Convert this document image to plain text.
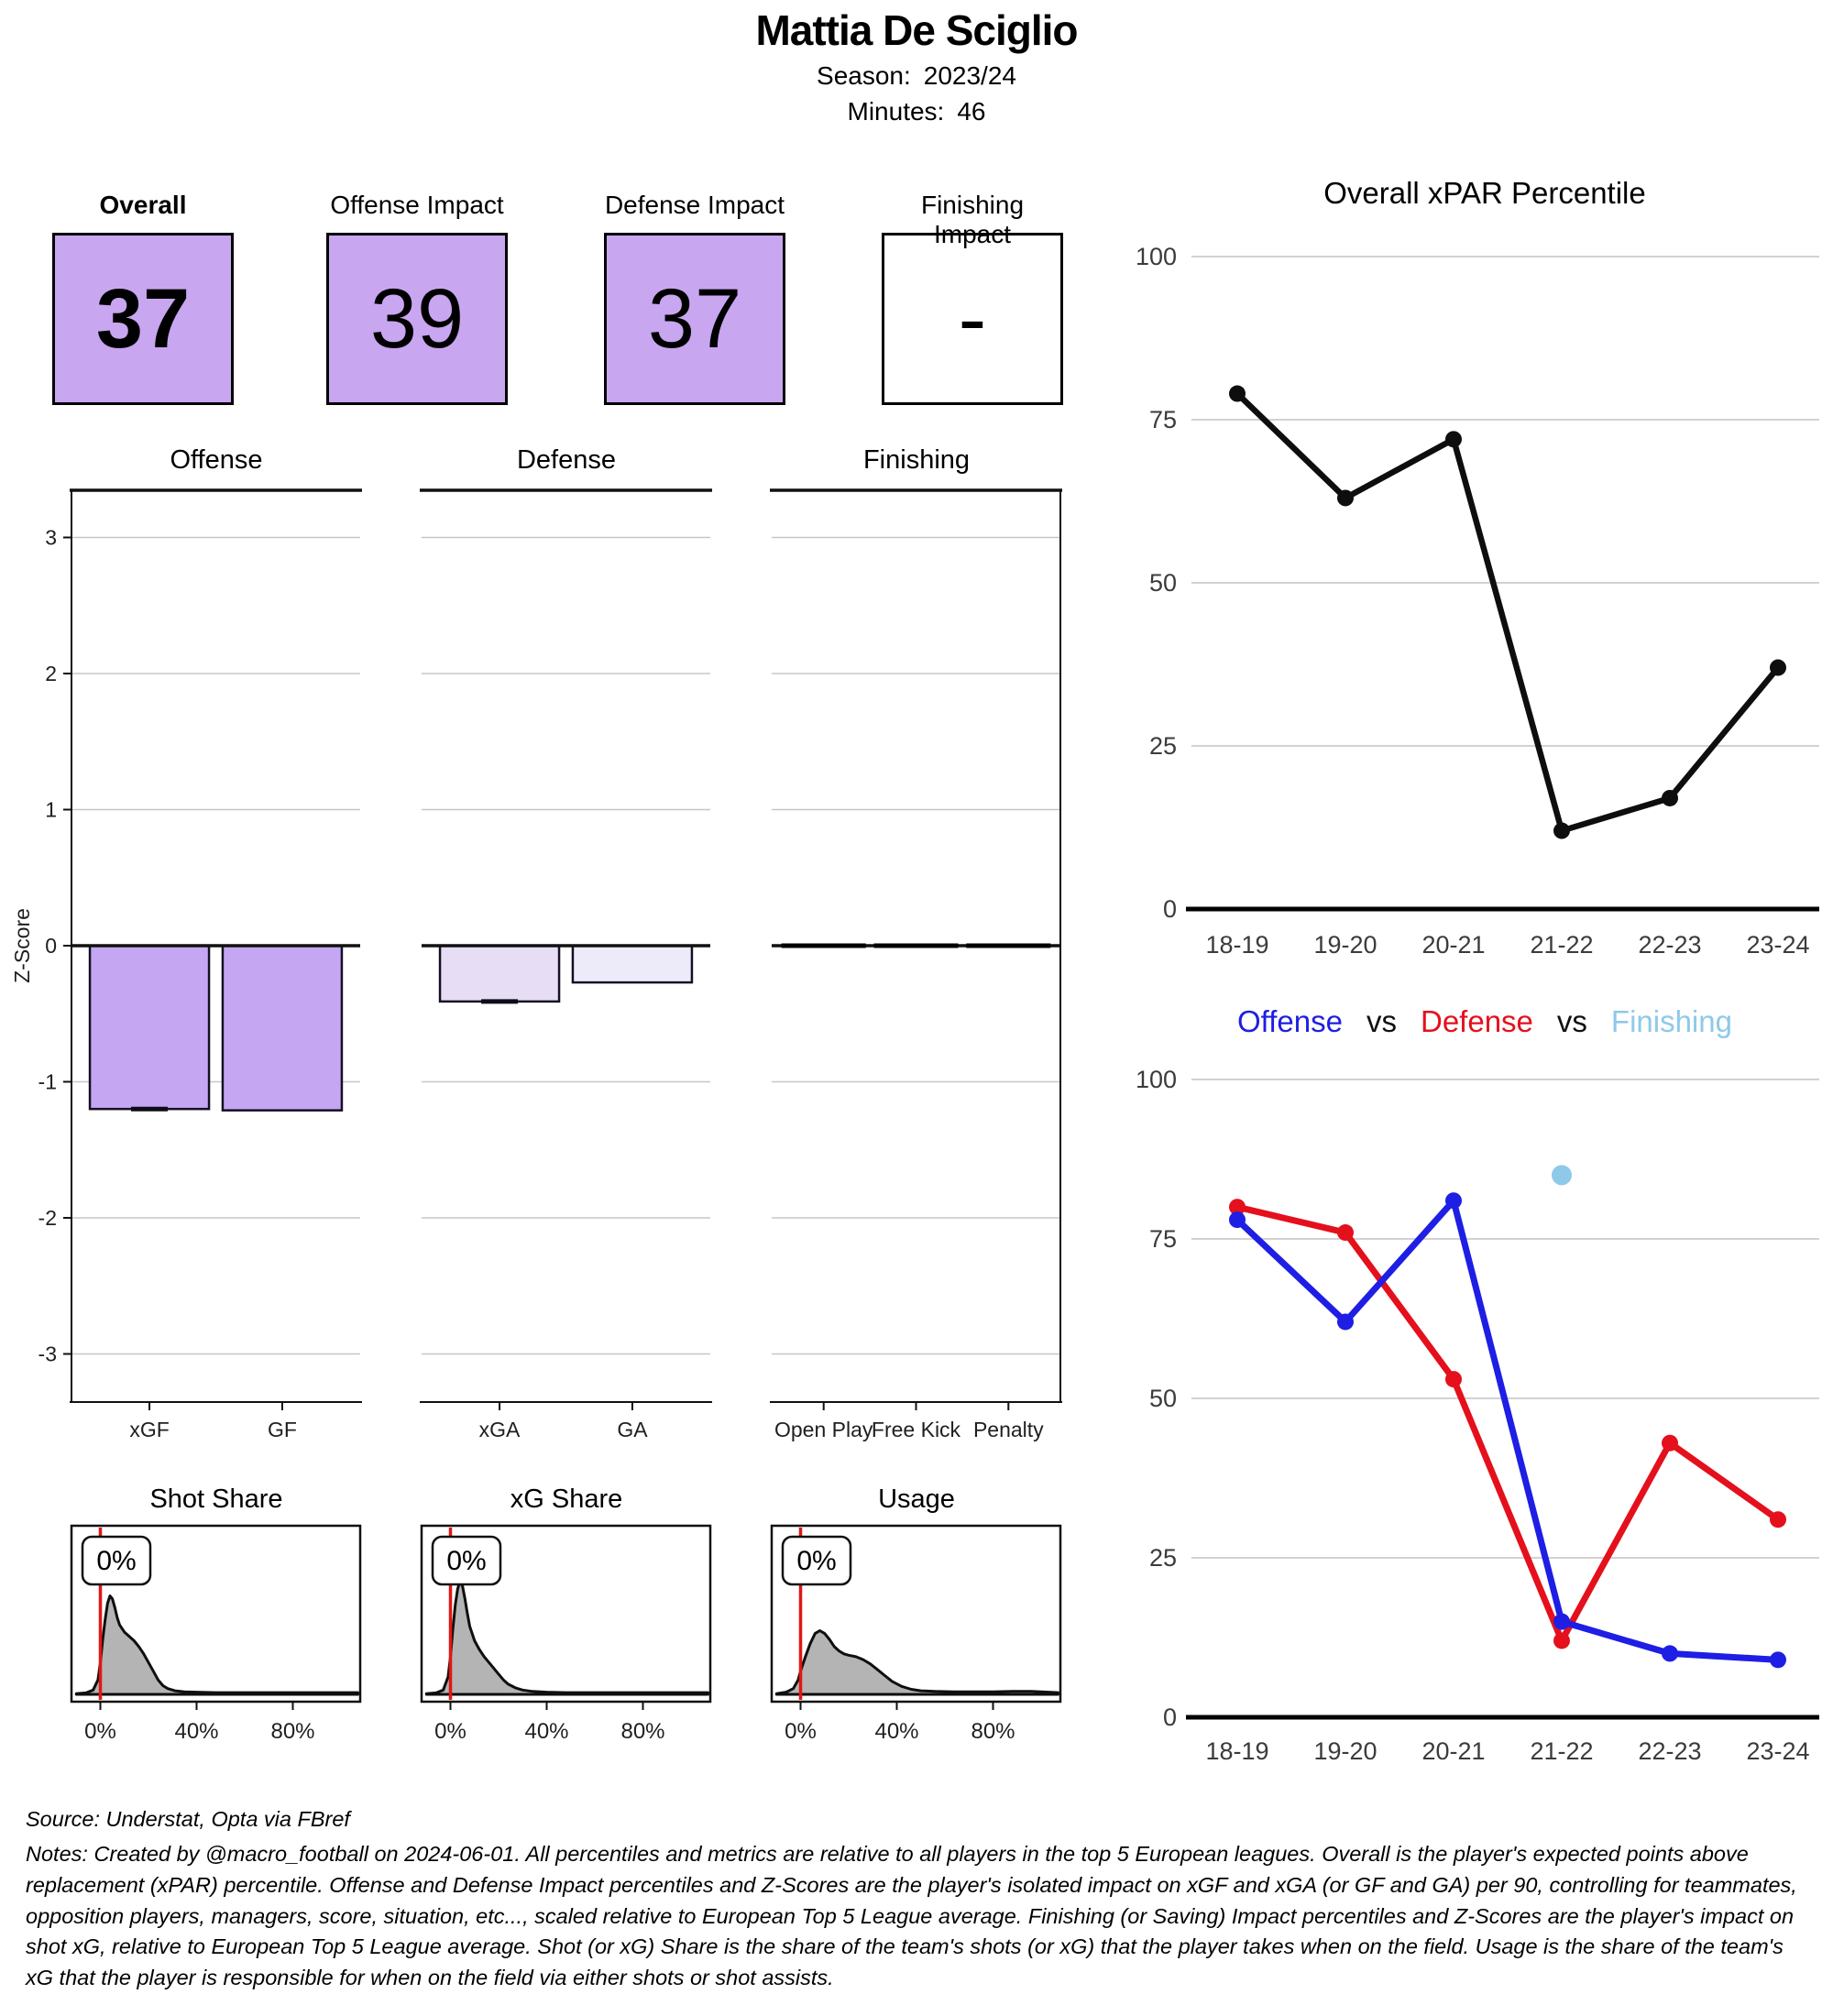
Mattia De Sciglio
Season: 2023/24
Minutes: 46
Overall
37
Offense Impact
39
Defense Impact
37
Finishing Impact
-
Offense	Defense	Finishing
3
2
1
0
-1
-2
-3
Z-Score
xGF	GF	xGA	GA	Open Play
Free Kick Penalty
Shot Share	xG Share	Usage
0%
0%	40% 80%
0%
0%	40% 80%
0%
0%	40% 80%
Overall xPAR Percentile
100
75
50
25
0
18-19 19-20 20-21 21-22 22-23 23-24
Offense vs Defense vs Finishing
100
75
50
25
0
18-19 19-20 20-21 21-22 22-23 23-24
Source: Understat, Opta via FBref
Notes: Created by @macro_football on 2024-06-01. All percentiles and metrics are relative to all players in the top 5 European leagues. Overall is the player's expected points above replacement (xPAR) percentile. Offense and Defense Impact percentiles and Z-Scores are the player's isolated impact on xGF and xGA (or GF and GA) per 90, controlling for teammates, opposition players, managers, score, situation, etc..., scaled relative to European Top 5 League average. Finishing (or Saving) Impact percentiles and Z-Scores are the player's impact on shot xG, relative to European Top 5 League average. Shot (or xG) Share is the share of the team's shots (or xG) that the player takes when on the field. Usage is the share of the team's xG that the player is responsible for when on the field via either shots or shot assists.
